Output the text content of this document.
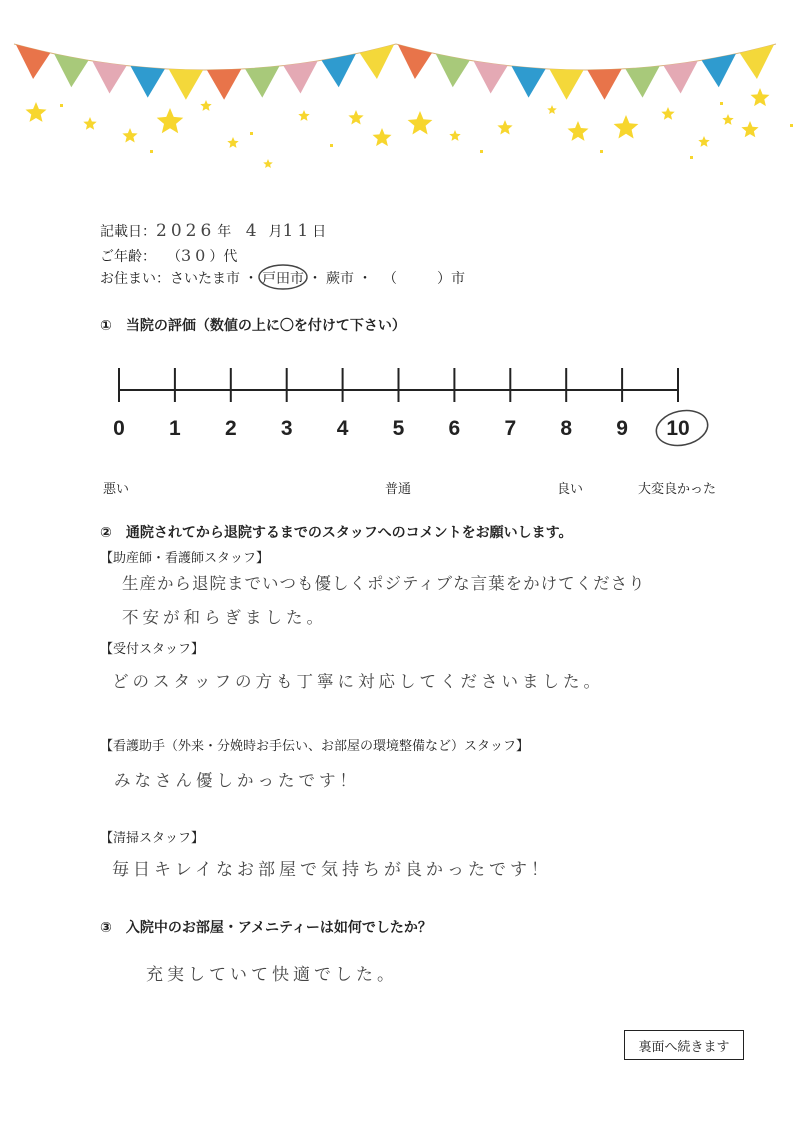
記載日：2026 年 4 月11日
ご年齢： （30）代
お住まい：さいたま市 ・ 戸田市 ・ 蕨市 ・ （	）市
①　当院の評価（数値の上に〇を付けて下さい）
0	1	2	3	4	5	6	7	8	9	10
悪い	普通	良い	大変良かった
②　通院されてから退院するまでのスタッフへのコメントをお願いします。
【助産師・看護師スタッフ】
生産から退院までいつも優しくポジティブな言葉をかけてくださり
不安が和らぎました。
【受付スタッフ】
どのスタッフの方も丁寧に対応してくださいました。
【看護助手（外来・分娩時お手伝い、お部屋の環境整備など）スタッフ】
みなさん優しかったです！
【清掃スタッフ】
毎日キレイなお部屋で気持ちが良かったです！
③　入院中のお部屋・アメニティーは如何でしたか？
充実していて快適でした。
裏面へ続きます
